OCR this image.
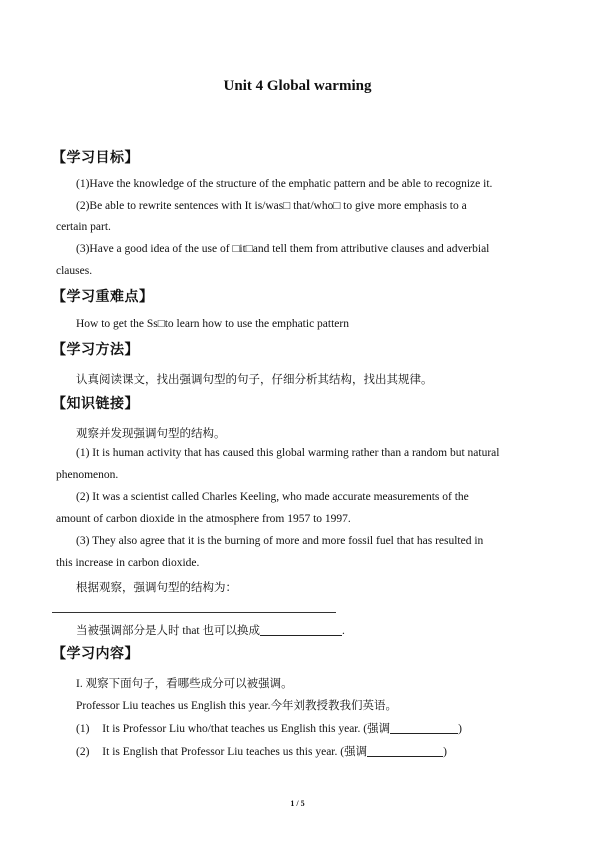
Unit 4 Global warming
【学习目标】
(1)Have the knowledge of the structure of the emphatic pattern and be able to recognize it.
(2)Be able to rewrite sentences with It is/was□ that/who□ to give more emphasis to a
certain part.
(3)Have a good idea of the use of □it□and tell them from attributive clauses and adverbial
clauses.
【学习重难点】
How to get the Ss□to learn how to use the emphatic pattern
【学习方法】
认真阅读课文，找出强调句型的句子，仔细分析其结构，找出其规律。
【知识链接】
观察并发现强调句型的结构。
(1) It is human activity that has caused this global warming rather than a random but natural
phenomenon.
(2) It was a scientist called Charles Keeling, who made accurate measurements of the
amount of carbon dioxide in the atmosphere from 1957 to 1997.
(3) They also agree that it is the burning of more and more fossil fuel that has resulted in
this increase in carbon dioxide.
根据观察，强调句型的结构为：
当被强调部分是人时 that 也可以换成	.
【学习内容】
I. 观察下面句子，看哪些成分可以被强调。
Professor Liu teaches us English this year.今年刘教授教我们英语。
(1) It is Professor Liu who/that teaches us English this year. (强调	)
(2) It is English that Professor Liu teaches us this year. (强调	)
1 / 5
